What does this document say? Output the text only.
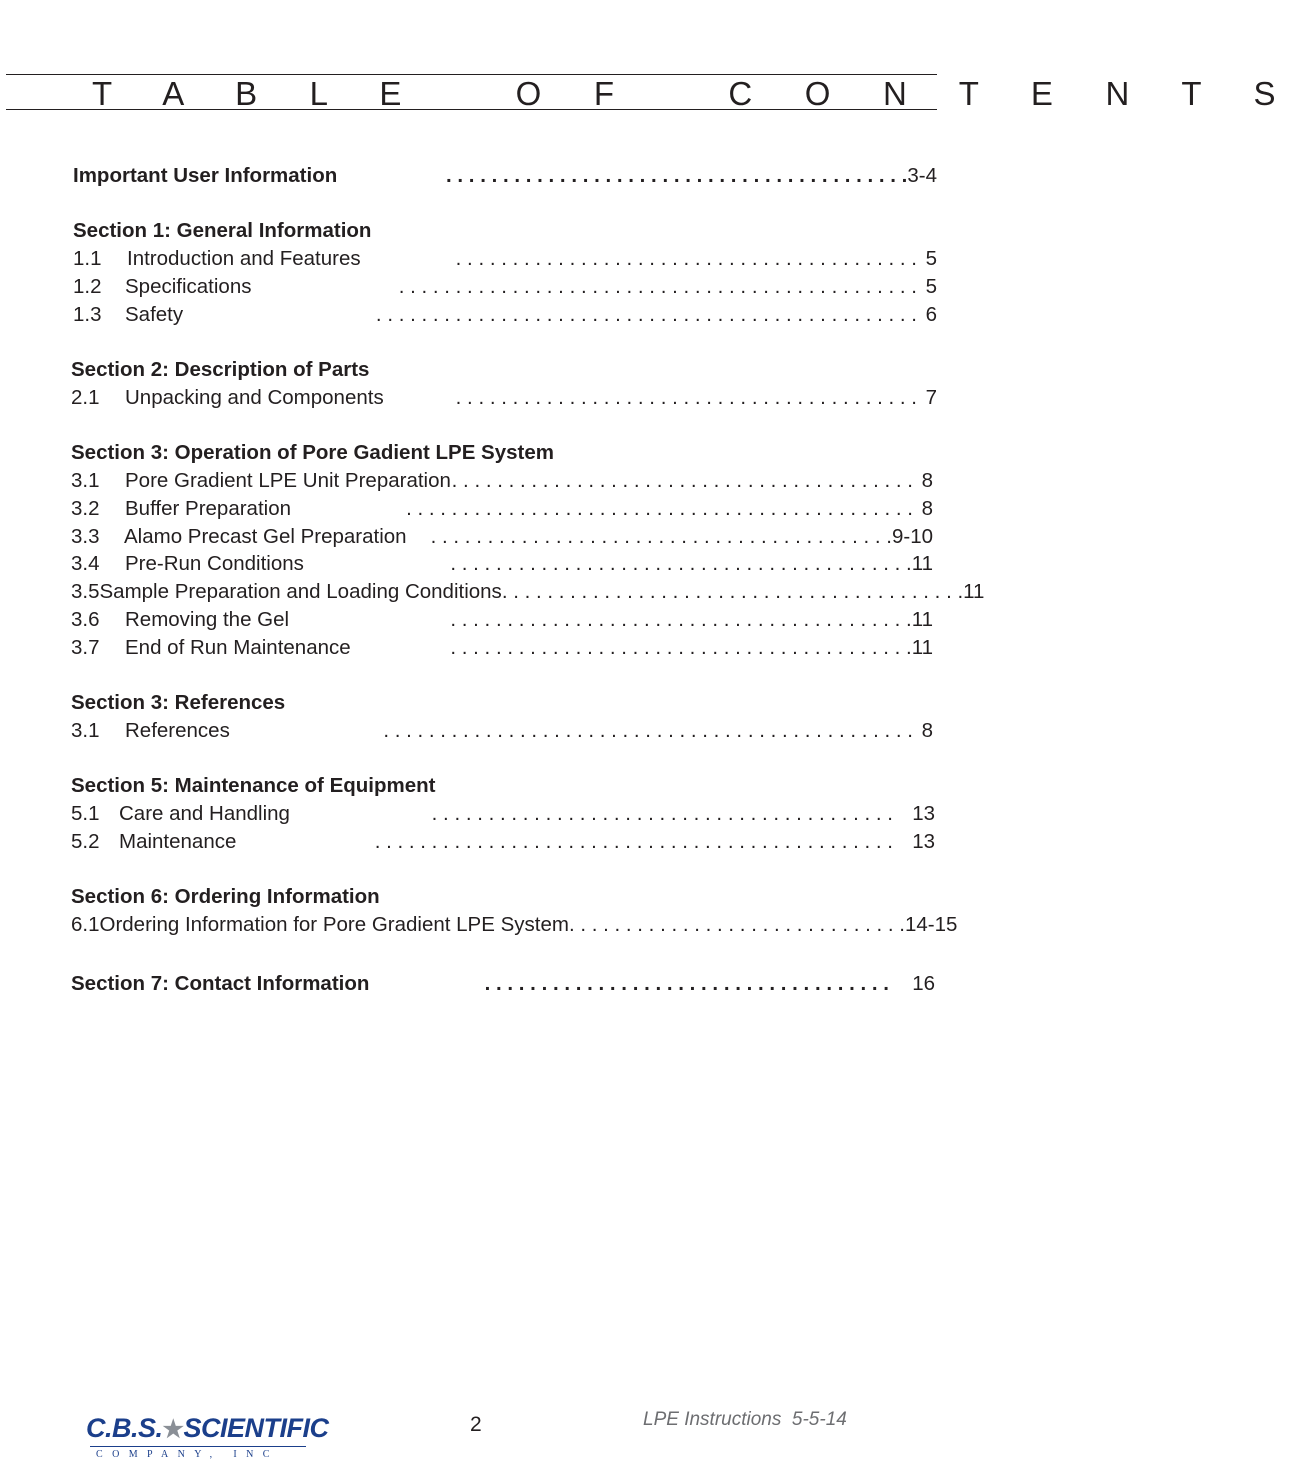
T A B L E   O F   C O N T E N T S
Important User Information	. . . . . . . . . . . . . . . . . . . . . . . . . . . . . . . . . . . . . . . . . 3-4
Section 1: General Information
1.1	Introduction and Features	. . . . . . . . . . . . . . . . . . . . . . . . . . . . . . . . . . . . . . . . . 5
1.2	Specifications	. . . . . . . . . . . . . . . . . . . . . . . . . . . . . . . . . . . . . . . . . . . . . . 5
1.3	Safety	. . . . . . . . . . . . . . . . . . . . . . . . . . . . . . . . . . . . . . . . . . . . . . . . 6
Section 2: Description of Parts
2.1	Unpacking and Components	. . . . . . . . . . . . . . . . . . . . . . . . . . . . . . . . . . . . . . . . . 7
Section 3: Operation of Pore Gadient LPE System
3.1	Pore Gradient LPE Unit Preparation . . . . . . . . . . . . . . . . . . . . . . . . . . . . . . . . . . . . . . . . . 8
3.2	Buffer Preparation	. . . . . . . . . . . . . . . . . . . . . . . . . . . . . . . . . . . . . . . . . . . . . 8
3.3	Alamo Precast Gel Preparation	. . . . . . . . . . . . . . . . . . . . . . . . . . . . . . . . . . . . . . . . . 9-10
3.4	Pre-Run Conditions	. . . . . . . . . . . . . . . . . . . . . . . . . . . . . . . . . . . . . . . . . 11
3.5 Sample Preparation and Loading Conditions . . . . . . . . . . . . . . . . . . . . . . . . . . . . . . . . . . . . . . . . . 11
3.6	Removing the Gel	. . . . . . . . . . . . . . . . . . . . . . . . . . . . . . . . . . . . . . . . . 11
3.7	End of Run Maintenance	. . . . . . . . . . . . . . . . . . . . . . . . . . . . . . . . . . . . . . . . . 11
Section 3: References
3.1	References	. . . . . . . . . . . . . . . . . . . . . . . . . . . . . . . . . . . . . . . . . . . . . . . 8
Section 5: Maintenance of Equipment
5.1 Care and Handling	. . . . . . . . . . . . . . . . . . . . . . . . . . . . . . . . . . . . . . . . . 13
5.2 Maintenance	. . . . . . . . . . . . . . . . . . . . . . . . . . . . . . . . . . . . . . . . . . . . . . 13
Section 6: Ordering Information
6.1 Ordering Information for Pore Gradient LPE System . . . . . . . . . . . . . . . . . . . . . . . . . . . . . . 14-15
Section 7: Contact Information	. . . . . . . . . . . . . . . . . . . . . . . . . . . . . . . . . . . .	16
C.B.S.★SCIENTIFIC
COMPANY, INC
2	LPE Instructions  5-5-14
